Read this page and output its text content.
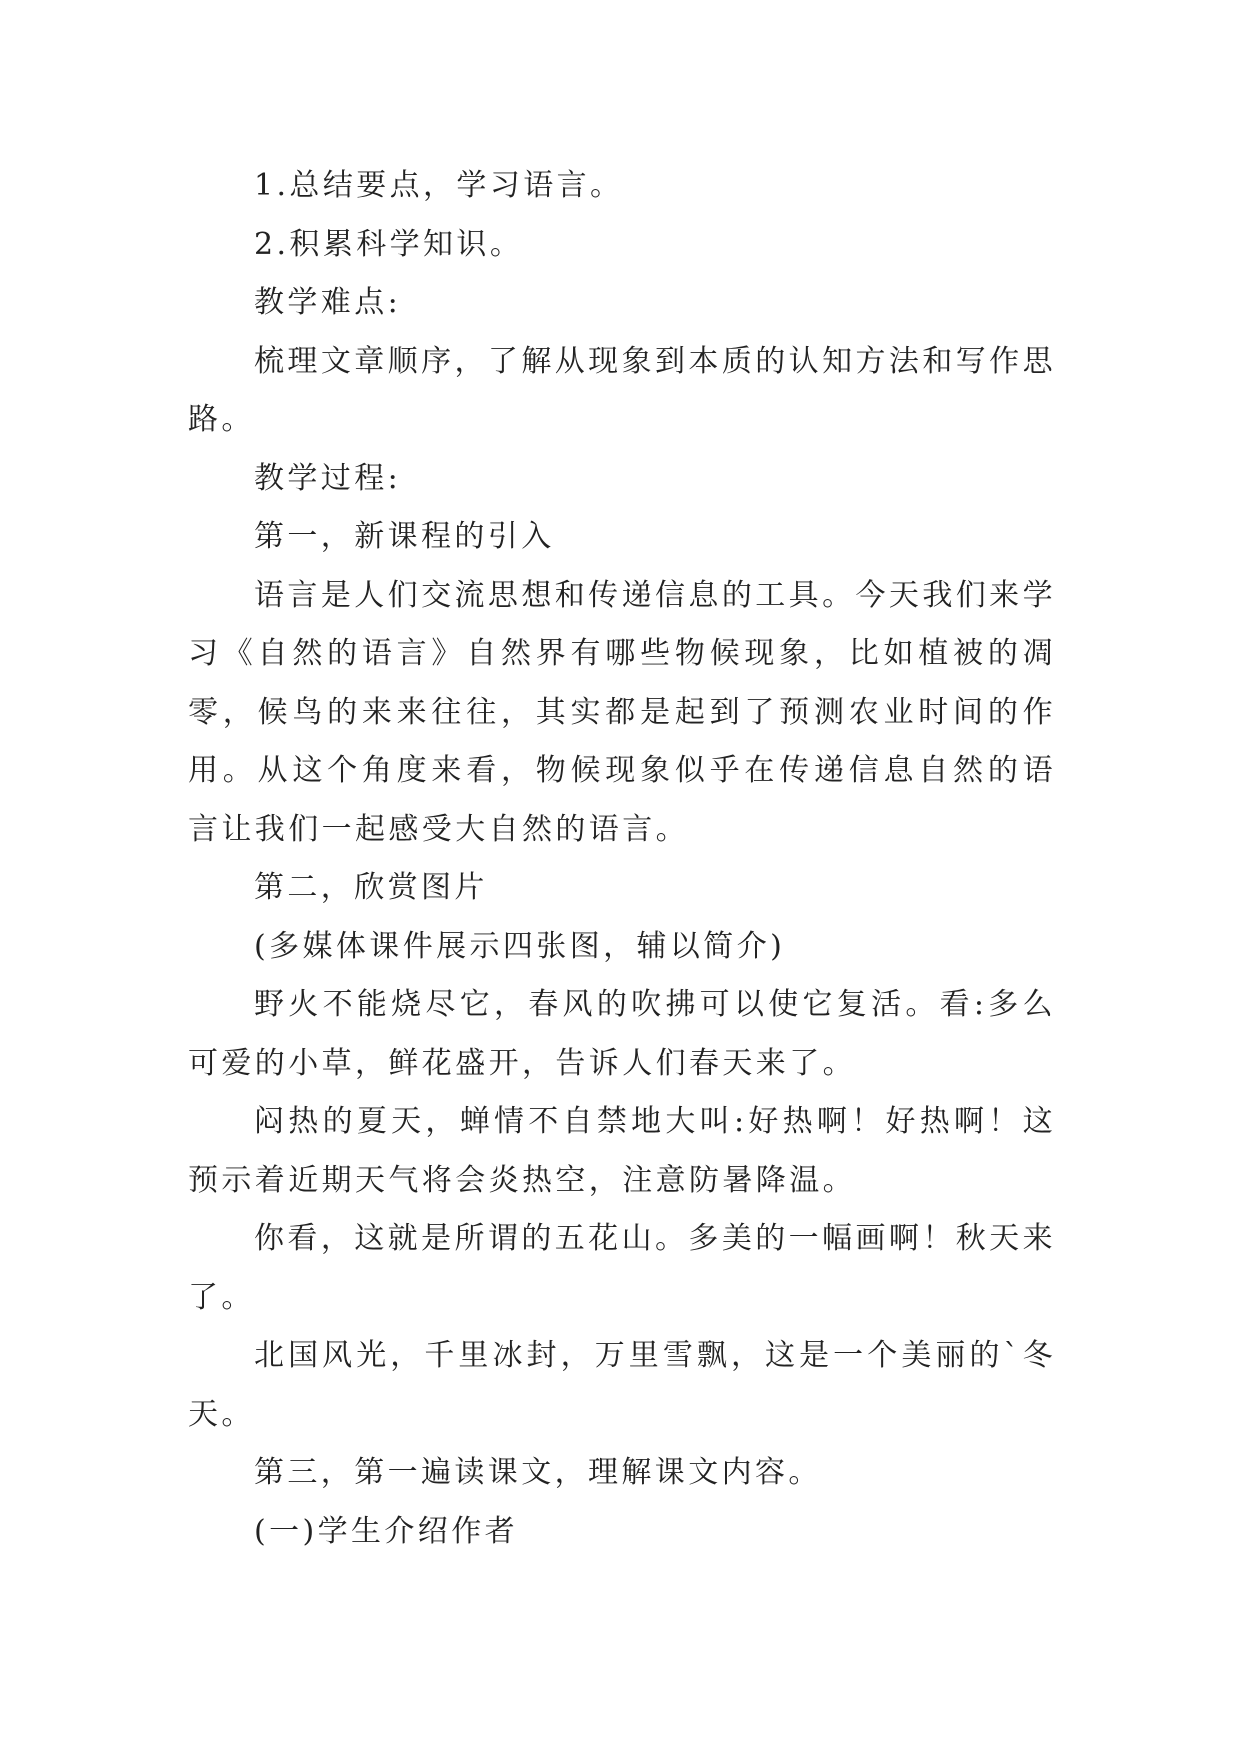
1.总结要点，学习语言。

2.积累科学知识。

教学难点:

梳理文章顺序，了解从现象到本质的认知方法和写作思路。

教学过程:

第一，新课程的引入

语言是人们交流思想和传递信息的工具。今天我们来学习《自然的语言》自然界有哪些物候现象，比如植被的凋零，候鸟的来来往往，其实都是起到了预测农业时间的作用。从这个角度来看，物候现象似乎在传递信息自然的语言让我们一起感受大自然的语言。

第二，欣赏图片

(多媒体课件展示四张图，辅以简介)

野火不能烧尽它，春风的吹拂可以使它复活。看:多么可爱的小草，鲜花盛开，告诉人们春天来了。

闷热的夏天，蝉情不自禁地大叫:好热啊！好热啊！这预示着近期天气将会炎热空，注意防暑降温。

你看，这就是所谓的五花山。多美的一幅画啊！秋天来了。

北国风光，千里冰封，万里雪飘，这是一个美丽的`冬天。

第三，第一遍读课文，理解课文内容。

(一)学生介绍作者
